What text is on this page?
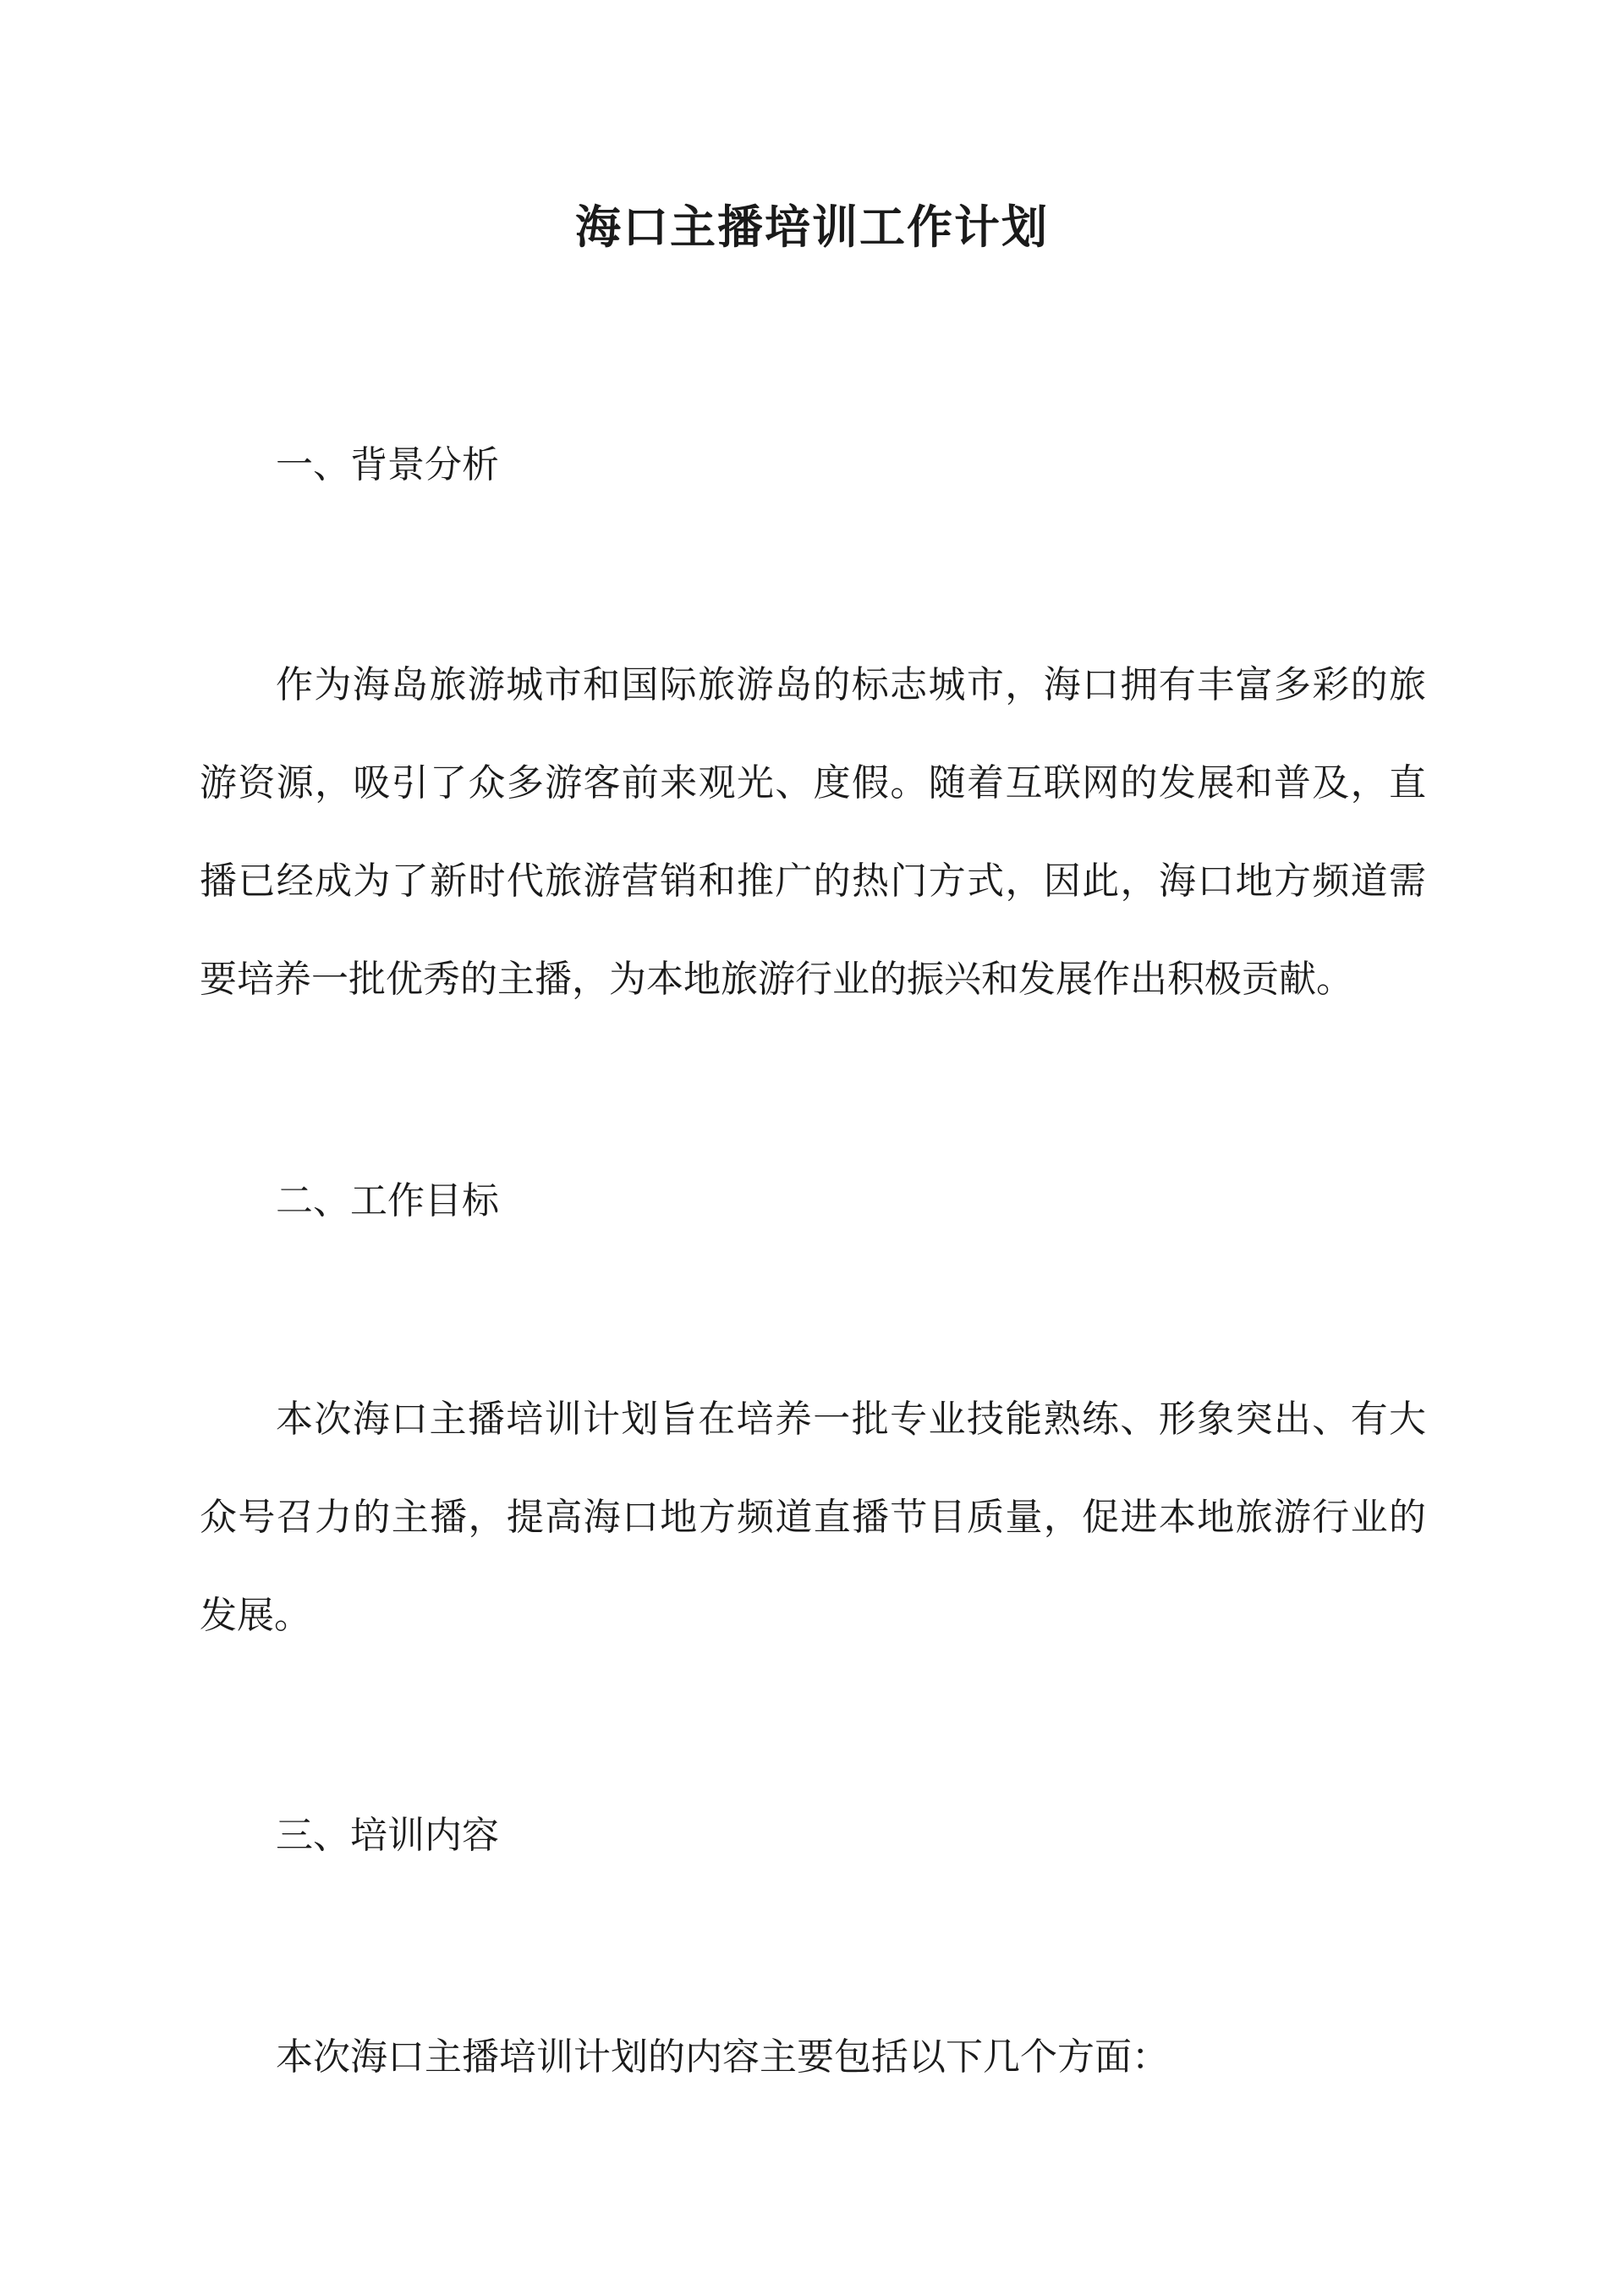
海口主播培训工作计划
一、背景分析

作为海岛旅游城市和国际旅游岛的标志城市，海口拥有丰富多彩的旅游资源，吸引了众多游客前来观光、度假。随着互联网的发展和普及，直播已经成为了新时代旅游营销和推广的热门方式，因此，海口地方频道需要培养一批优秀的主播，为本地旅游行业的振兴和发展作出积极贡献。

二、工作目标

本次海口主播培训计划旨在培养一批专业技能熟练、形象突出、有大众号召力的主播，提高海口地方频道直播节目质量，促进本地旅游行业的发展。

三、培训内容

本次海口主播培训计划的内容主要包括以下几个方面：
